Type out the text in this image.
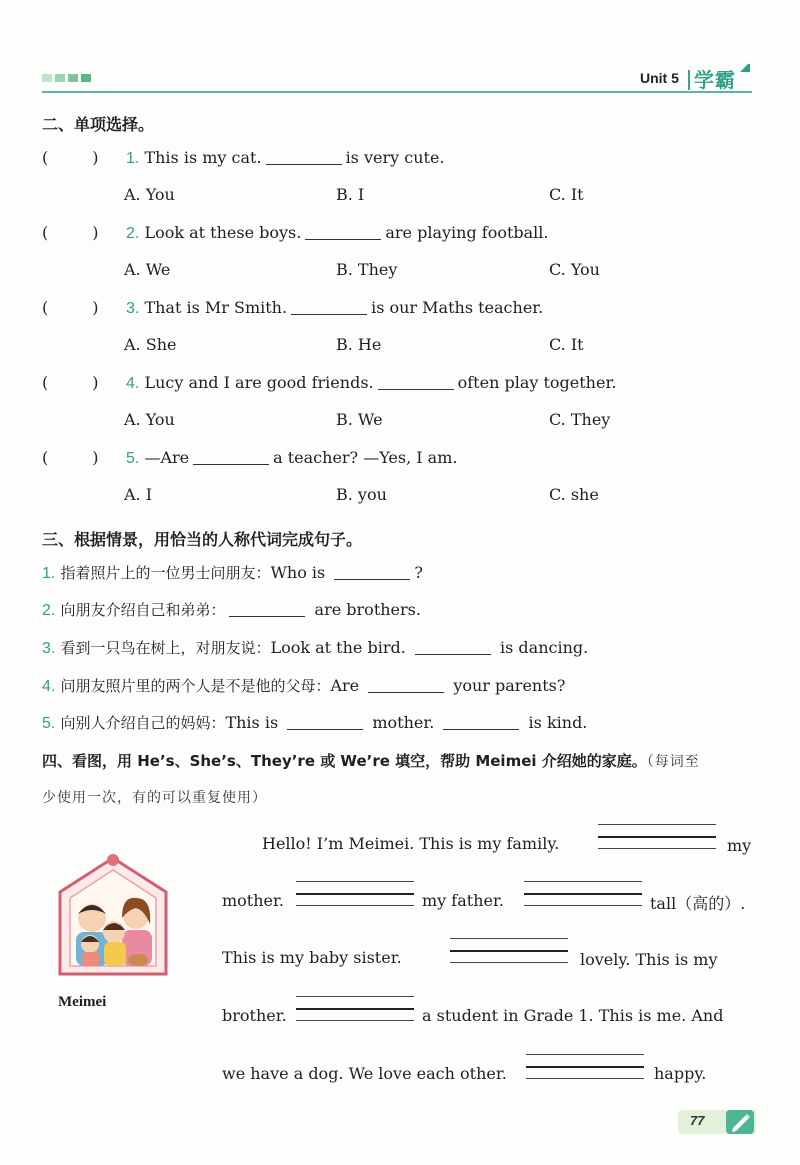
Unit 5 学霸
二、单项选择。
(	) 1. This is my cat.	is very cute.
A. You	B. I	C. It
(	) 2. Look at these boys.	are playing football.
A. We	B. They	C. You
(	) 3. That is Mr Smith.	is our Maths teacher.
A. She	B. He	C. It
(	) 4. Lucy and I are good friends.	often play together.
A. You	B. We	C. They
(	) 5. —Are	a teacher? —Yes, I am.
A. I	B. you	C. she
三、根据情景，用恰当的人称代词完成句子。
1. 指着照片上的一位男士问朋友：Who is	?
2. 向朋友介绍自己和弟弟：	are brothers.
3. 看到一只鸟在树上，对朋友说：Look at the bird.	is dancing.
4. 问朋友照片里的两个人是不是他的父母：Are	your parents?
5. 向别人介绍自己的妈妈：This is	mother.	is kind.
四、看图，用 He’s、She’s、They’re 或 We’re 填空，帮助 Meimei 介绍她的家庭。（每词至
少使用一次，有的可以重复使用）
Meimei
Hello! I’m Meimei. This is my family.	my
mother.	my father.	tall（高的）.
This is my baby sister.	lovely. This is my
brother.	a student in Grade 1. This is me. And
we have a dog. We love each other.	happy.
77
